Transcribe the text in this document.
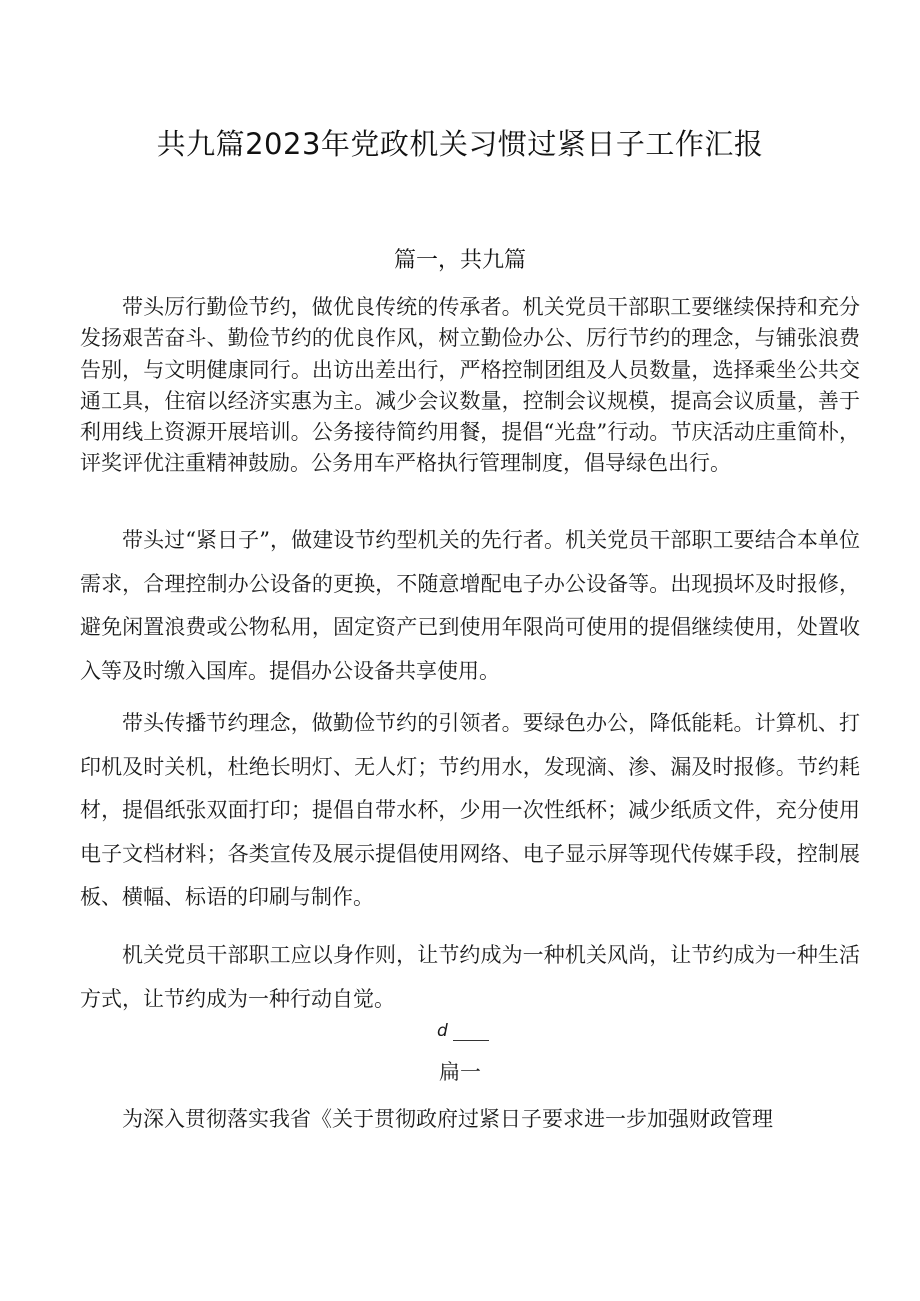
共九篇2023年党政机关习惯过紧日子工作汇报
篇一，共九篇

带头厉行勤俭节约，做优良传统的传承者。机关党员干部职工要继续保持和充分发扬艰苦奋斗、勤俭节约的优良作风，树立勤俭办公、厉行节约的理念，与铺张浪费告别，与文明健康同行。出访出差出行，严格控制团组及人员数量，选择乘坐公共交通工具，住宿以经济实惠为主。减少会议数量，控制会议规模，提高会议质量，善于利用线上资源开展培训。公务接待简约用餐，提倡“光盘”行动。节庆活动庄重简朴，评奖评优注重精神鼓励。公务用车严格执行管理制度，倡导绿色出行。

带头过“紧日子”，做建设节约型机关的先行者。机关党员干部职工要结合本单位需求，合理控制办公设备的更换，不随意增配电子办公设备等。出现损坏及时报修，避免闲置浪费或公物私用，固定资产已到使用年限尚可使用的提倡继续使用，处置收入等及时缴入国库。提倡办公设备共享使用。

带头传播节约理念，做勤俭节约的引领者。要绿色办公，降低能耗。计算机、打印机及时关机，杜绝长明灯、无人灯；节约用水，发现滴、渗、漏及时报修。节约耗材，提倡纸张双面打印；提倡自带水杯，少用一次性纸杯；减少纸质文件，充分使用电子文档材料；各类宣传及展示提倡使用网络、电子显示屏等现代传媒手段，控制展板、横幅、标语的印刷与制作。

机关党员干部职工应以身作则，让节约成为一种机关风尚，让节约成为一种生活方式，让节约成为一种行动自觉。

d
扁一

为深入贯彻落实我省《关于贯彻政府过紧日子要求进一步加强财政管理
